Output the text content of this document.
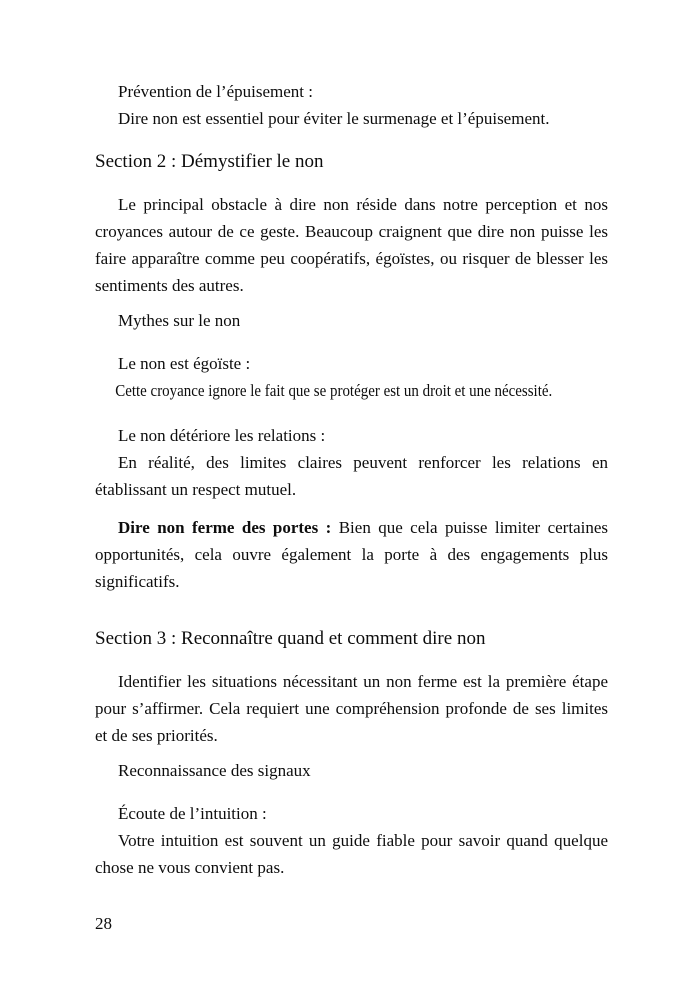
Prévention de l’épuisement :

Dire non est essentiel pour éviter le surmenage et l’épuisement.

Section 2 : Démystifier le non

Le principal obstacle à dire non réside dans notre perception et nos croyances autour de ce geste. Beaucoup craignent que dire non puisse les faire apparaître comme peu coopératifs, égoïstes, ou risquer de blesser les sentiments des autres.

Mythes sur le non

Le non est égoïste :

Cette croyance ignore le fait que se protéger est un droit et une nécessité.

Le non détériore les relations :

En réalité, des limites claires peuvent renforcer les relations en établissant un respect mutuel.

Dire non ferme des portes : Bien que cela puisse limiter certaines opportunités, cela ouvre également la porte à des engagements plus significatifs.

Section 3 : Reconnaître quand et comment dire non

Identifier les situations nécessitant un non ferme est la première étape pour s’affirmer. Cela requiert une compréhension profonde de ses limites et de ses priorités.

Reconnaissance des signaux

Écoute de l’intuition :

Votre intuition est souvent un guide fiable pour savoir quand quelque chose ne vous convient pas.

28
